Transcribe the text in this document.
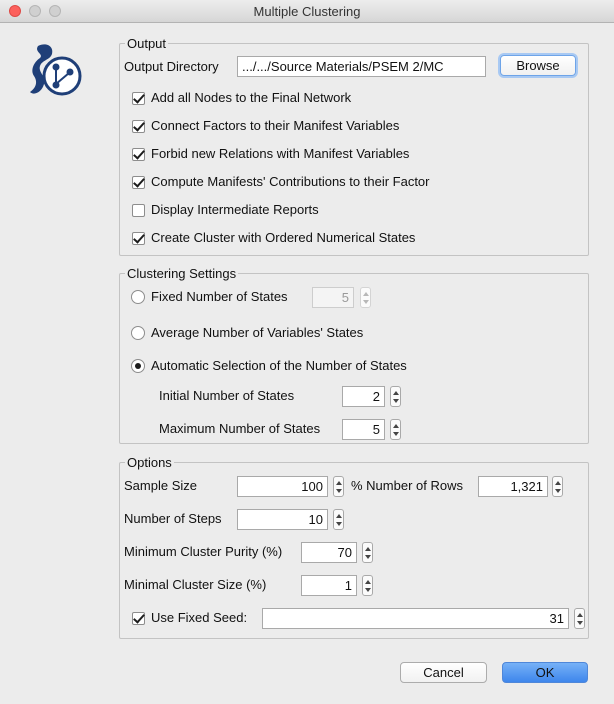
Multiple Clustering
Output
Output Directory	.../.../Source Materials/PSEM 2/MC	Browse
Add all Nodes to the Final Network
Connect Factors to their Manifest Variables
Forbid new Relations with Manifest Variables
Compute Manifests' Contributions to their Factor
Display Intermediate Reports
Create Cluster with Ordered Numerical States
Clustering Settings
Fixed Number of States	5
Average Number of Variables' States
Automatic Selection of the Number of States
Initial Number of States	2
Maximum Number of States	5
Options
Sample Size	100	% Number of Rows	1,321
Number of Steps	10
Minimum Cluster Purity (%)	70
Minimal Cluster Size (%)	1
Use Fixed Seed:	31
Cancel	OK
